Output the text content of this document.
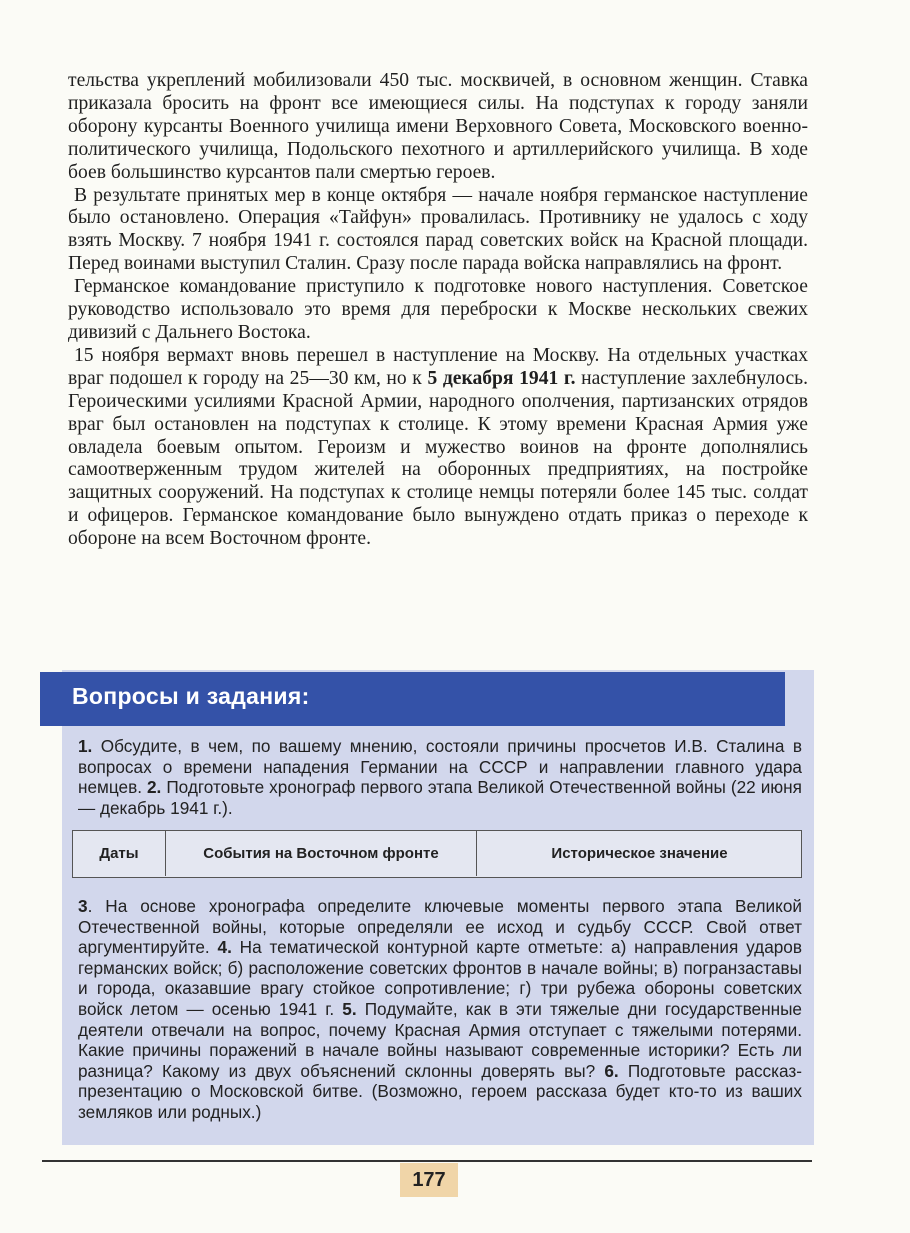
тельства укреплений мобилизовали 450 тыс. москвичей, в основном женщин. Ставка приказала бросить на фронт все имеющиеся силы. На подступах к городу заняли оборону курсанты Военного училища имени Верховного Совета, Московского военно-политического училища, Подольского пехотного и артиллерийского училища. В ходе боев большинство курсантов пали смертью героев.

В результате принятых мер в конце октября — начале ноября германское наступление было остановлено. Операция «Тайфун» провалилась. Противнику не удалось с ходу взять Москву. 7 ноября 1941 г. состоялся парад советских войск на Красной площади. Перед воинами выступил Сталин. Сразу после парада войска направлялись на фронт.

Германское командование приступило к подготовке нового наступления. Советское руководство использовало это время для переброски к Москве нескольких свежих дивизий с Дальнего Востока.

15 ноября вермахт вновь перешел в наступление на Москву. На отдельных участках враг подошел к городу на 25—30 км, но к 5 декабря 1941 г. наступление захлебнулось. Героическими усилиями Красной Армии, народного ополчения, партизанских отрядов враг был остановлен на подступах к столице. К этому времени Красная Армия уже овладела боевым опытом. Героизм и мужество воинов на фронте дополнялись самоотверженным трудом жителей на оборонных предприятиях, на постройке защитных сооружений. На подступах к столице немцы потеряли более 145 тыс. солдат и офицеров. Германское командование было вынуждено отдать приказ о переходе к обороне на всем Восточном фронте.

Вопросы и задания:
1. Обсудите, в чем, по вашему мнению, состояли причины просчетов И.В. Сталина в вопросах о времени нападения Германии на СССР и направлении главного удара немцев. 2. Подготовьте хронограф первого этапа Великой Отечественной войны (22 июня — декабрь 1941 г.).
Даты	События на Восточном фронте	Историческое значение
3. На основе хронографа определите ключевые моменты первого этапа Великой Отечественной войны, которые определяли ее исход и судьбу СССР. Свой ответ аргументируйте. 4. На тематической контурной карте отметьте: а) направления ударов германских войск; б) расположение советских фронтов в начале войны; в) погранзаставы и города, оказавшие врагу стойкое сопротивление; г) три рубежа обороны советских войск летом — осенью 1941 г. 5. Подумайте, как в эти тяжелые дни государственные деятели отвечали на вопрос, почему Красная Армия отступает с тяжелыми потерями. Какие причины поражений в начале войны называют современные историки? Есть ли разница? Какому из двух объяснений склонны доверять вы? 6. Подготовьте рассказ-презентацию о Московской битве. (Возможно, героем рассказа будет кто-то из ваших земляков или родных.)
177
